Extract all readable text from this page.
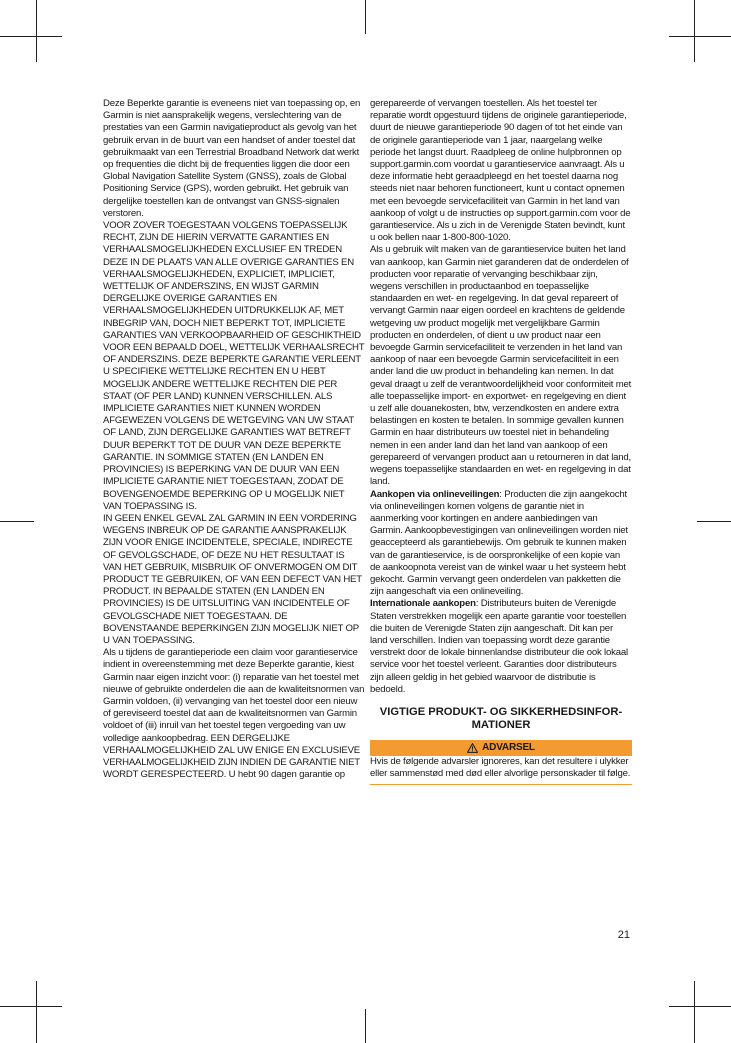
Deze Beperkte garantie is eveneens niet van toepassing op, en Garmin is niet aansprakelijk wegens, verslechtering van de prestaties van een Garmin navigatieproduct als gevolg van het gebruik ervan in de buurt van een handset of ander toestel dat gebruikmaakt van een Terrestrial Broadband Network dat werkt op frequenties die dicht bij de frequenties liggen die door een Global Navigation Satellite System (GNSS), zoals de Global Positioning Service (GPS), worden gebruikt. Het gebruik van dergelijke toestellen kan de ontvangst van GNSS-signalen verstoren.

VOOR ZOVER TOEGESTAAN VOLGENS TOEPASSELIJK RECHT, ZIJN DE HIERIN VERVATTE GARANTIES EN VERHAALSMOGELIJKHEDEN EXCLUSIEF EN TREDEN DEZE IN DE PLAATS VAN ALLE OVERIGE GARANTIES EN VERHAALSMOGELIJKHEDEN, EXPLICIET, IMPLICIET, WETTELIJK OF ANDERSZINS, EN WIJST GARMIN DERGELIJKE OVERIGE GARANTIES EN VERHAALSMOGELIJKHEDEN UITDRUKKELIJK AF, MET INBEGRIP VAN, DOCH NIET BEPERKT TOT, IMPLICIETE GARANTIES VAN VERKOOPBAARHEID OF GESCHIKTHEID VOOR EEN BEPAALD DOEL, WETTELIJK VERHAALSRECHT OF ANDERSZINS. DEZE BEPERKTE GARANTIE VERLEENT U SPECIFIEKE WETTELIJKE RECHTEN EN U HEBT MOGELIJK ANDERE WETTELIJKE RECHTEN DIE PER STAAT (OF PER LAND) KUNNEN VERSCHILLEN. ALS IMPLICIETE GARANTIES NIET KUNNEN WORDEN AFGEWEZEN VOLGENS DE WETGEVING VAN UW STAAT OF LAND, ZIJN DERGELIJKE GARANTIES WAT BETREFT DUUR BEPERKT TOT DE DUUR VAN DEZE BEPERKTE GARANTIE. IN SOMMIGE STATEN (EN LANDEN EN PROVINCIES) IS BEPERKING VAN DE DUUR VAN EEN IMPLICIETE GARANTIE NIET TOEGESTAAN, ZODAT DE BOVENGENOEMDE BEPERKING OP U MOGELIJK NIET VAN TOEPASSING IS.

IN GEEN ENKEL GEVAL ZAL GARMIN IN EEN VORDERING WEGENS INBREUK OP DE GARANTIE AANSPRAKELIJK ZIJN VOOR ENIGE INCIDENTELE, SPECIALE, INDIRECTE OF GEVOLGSCHADE, OF DEZE NU HET RESULTAAT IS VAN HET GEBRUIK, MISBRUIK OF ONVERMOGEN OM DIT PRODUCT TE GEBRUIKEN, OF VAN EEN DEFECT VAN HET PRODUCT. IN BEPAALDE STATEN (EN LANDEN EN PROVINCIES) IS DE UITSLUITING VAN INCIDENTELE OF GEVOLGSCHADE NIET TOEGESTAAN. DE BOVENSTAANDE BEPERKINGEN ZIJN MOGELIJK NIET OP U VAN TOEPASSING.

Als u tijdens de garantieperiode een claim voor garantieservice indient in overeenstemming met deze Beperkte garantie, kiest Garmin naar eigen inzicht voor: (i) reparatie van het toestel met nieuwe of gebruikte onderdelen die aan de kwaliteitsnormen van Garmin voldoen, (ii) vervanging van het toestel door een nieuw of gereviseerd toestel dat aan de kwaliteitsnormen van Garmin voldoet of (iii) inruil van het toestel tegen vergoeding van uw volledige aankoopbedrag. EEN DERGELIJKE VERHAALMOGELIJKHEID ZAL UW ENIGE EN EXCLUSIEVE VERHAALMOGELIJKHEID ZIJN INDIEN DE GARANTIE NIET WORDT GERESPECTEERD. U hebt 90 dagen garantie op

gerepareerde of vervangen toestellen. Als het toestel ter reparatie wordt opgestuurd tijdens de originele garantieperiode, duurt de nieuwe garantieperiode 90 dagen of tot het einde van de originele garantieperiode van 1 jaar, naargelang welke periode het langst duurt. Raadpleeg de online hulpbronnen op support.garmin.com voordat u garantieservice aanvraagt. Als u deze informatie hebt geraadpleegd en het toestel daarna nog steeds niet naar behoren functioneert, kunt u contact opnemen met een bevoegde servicefaciliteit van Garmin in het land van aankoop of volgt u de instructies op support.garmin.com voor de garantieservice. Als u zich in de Verenigde Staten bevindt, kunt u ook bellen naar 1-800-800-1020.

Als u gebruik wilt maken van de garantieservice buiten het land van aankoop, kan Garmin niet garanderen dat de onderdelen of producten voor reparatie of vervanging beschikbaar zijn, wegens verschillen in productaanbod en toepasselijke standaarden en wet- en regelgeving. In dat geval repareert of vervangt Garmin naar eigen oordeel en krachtens de geldende wetgeving uw product mogelijk met vergelijkbare Garmin producten en onderdelen, of dient u uw product naar een bevoegde Garmin servicefaciliteit te verzenden in het land van aankoop of naar een bevoegde Garmin servicefaciliteit in een ander land die uw product in behandeling kan nemen. In dat geval draagt u zelf de verantwoordelijkheid voor conformiteit met alle toepasselijke import- en exportwet- en regelgeving en dient u zelf alle douanekosten, btw, verzendkosten en andere extra belastingen en kosten te betalen. In sommige gevallen kunnen Garmin en haar distributeurs uw toestel niet in behandeling nemen in een ander land dan het land van aankoop of een gerepareerd of vervangen product aan u retourneren in dat land, wegens toepasselijke standaarden en wet- en regelgeving in dat land.

Aankopen via onlineveilingen: Producten die zijn aangekocht via onlineveilingen komen volgens de garantie niet in aanmerking voor kortingen en andere aanbiedingen van Garmin. Aankoopbevestigingen van onlineveilingen worden niet geaccepteerd als garantiebewijs. Om gebruik te kunnen maken van de garantieservice, is de oorspronkelijke of een kopie van de aankoopnota vereist van de winkel waar u het systeem hebt gekocht. Garmin vervangt geen onderdelen van pakketten die zijn aangeschaft via een onlineveiling.

Internationale aankopen: Distributeurs buiten de Verenigde Staten verstrekken mogelijk een aparte garantie voor toestellen die buiten de Verenigde Staten zijn aangeschaft. Dit kan per land verschillen. Indien van toepassing wordt deze garantie verstrekt door de lokale binnenlandse distributeur die ook lokaal service voor het toestel verleent. Garanties door distributeurs zijn alleen geldig in het gebied waarvoor de distributie is bedoeld.

VIGTIGE PRODUKT- OG SIKKERHEDSINFOR-MATIONER
ADVARSEL

Hvis de følgende advarsler ignoreres, kan det resultere i ulykker eller sammenstød med død eller alvorlige personskader til følge.

21
